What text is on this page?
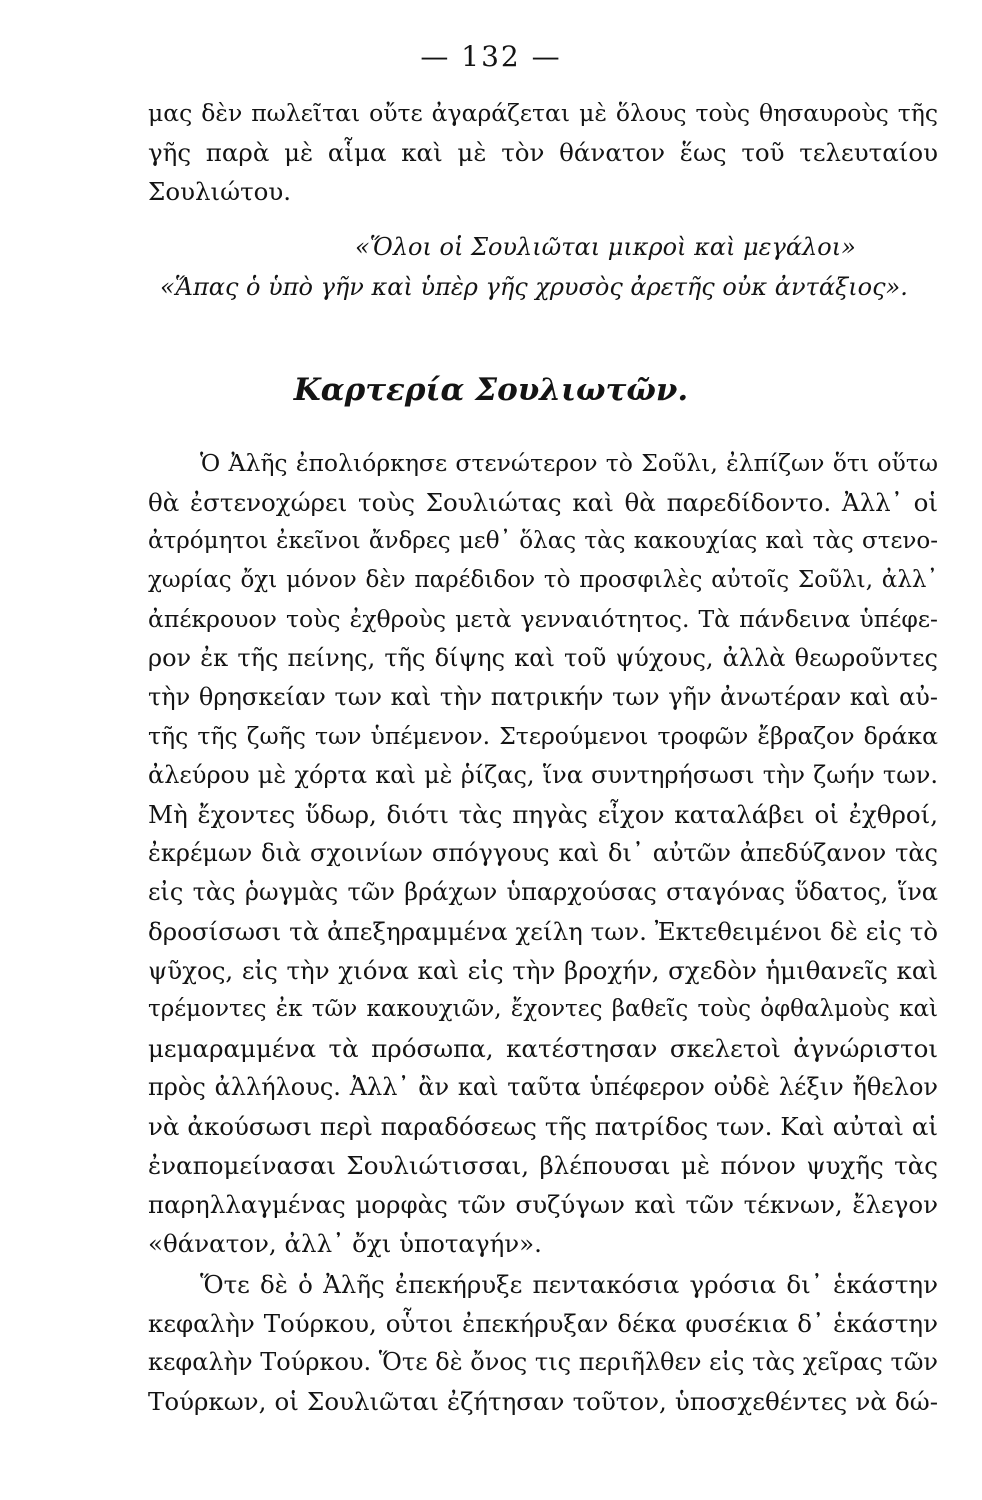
— 132 —
μας δὲν πωλεῖται οὔτε ἀγαράζεται μὲ ὅλους τοὺς θησαυροὺς τῆς
γῆς παρὰ μὲ αἷμα καὶ μὲ τὸν θάνατον ἕως τοῦ τελευταίου
Σουλιώτου.
«Ὅλοι οἱ Σουλιῶται μικροὶ καὶ μεγάλοι»
«Ἅπας ὁ ὑπὸ γῆν καὶ ὑπὲρ γῆς χρυσὸς ἀρετῆς οὐκ ἀντάξιος».
Καρτερία Σουλιωτῶν.
Ὁ Ἀλῆς ἐπολιόρκησε στενώτερον τὸ Σοῦλι, ἐλπίζων ὅτι οὕτω
θὰ ἐστενοχώρει τοὺς Σουλιώτας καὶ θὰ παρεδίδοντο. Ἀλλ᾿ οἱ
ἀτρόμητοι ἐκεῖνοι ἄνδρες μεθ᾿ ὅλας τὰς κακουχίας καὶ τὰς στενο-
χωρίας ὄχι μόνον δὲν παρέδιδον τὸ προσφιλὲς αὐτοῖς Σοῦλι, ἀλλ᾿
ἀπέκρουον τοὺς ἐχθροὺς μετὰ γενναιότητος. Τὰ πάνδεινα ὑπέφε-
ρον ἐκ τῆς πείνης, τῆς δίψης καὶ τοῦ ψύχους, ἀλλὰ θεωροῦντες
τὴν θρησκείαν των καὶ τὴν πατρικήν των γῆν ἀνωτέραν καὶ αὐ-
τῆς τῆς ζωῆς των ὑπέμενον. Στερούμενοι τροφῶν ἔβραζον δράκα
ἀλεύρου μὲ χόρτα καὶ μὲ ῥίζας, ἵνα συντηρήσωσι τὴν ζωήν των.
Μὴ ἔχοντες ὕδωρ, διότι τὰς πηγὰς εἶχον καταλάβει οἱ ἐχθροί,
ἐκρέμων διὰ σχοινίων σπόγγους καὶ δι᾿ αὐτῶν ἀπεδύζανον τὰς
εἰς τὰς ῥωγμὰς τῶν βράχων ὑπαρχούσας σταγόνας ὕδατος, ἵνα
δροσίσωσι τὰ ἀπεξηραμμένα χείλη των. Ἐκτεθειμένοι δὲ εἰς τὸ
ψῦχος, εἰς τὴν χιόνα καὶ εἰς τὴν βροχήν, σχεδὸν ἡμιθανεῖς καὶ
τρέμοντες ἐκ τῶν κακουχιῶν, ἔχοντες βαθεῖς τοὺς ὀφθαλμοὺς καὶ
μεμαραμμένα τὰ πρόσωπα, κατέστησαν σκελετοὶ ἀγνώριστοι
πρὸς ἀλλήλους. Ἀλλ᾿ ἂν καὶ ταῦτα ὑπέφερον οὐδὲ λέξιν ἤθελον
νὰ ἀκούσωσι περὶ παραδόσεως τῆς πατρίδος των. Καὶ αὐταὶ αἱ
ἐναπομείνασαι Σουλιώτισσαι, βλέπουσαι μὲ πόνον ψυχῆς τὰς
παρηλλαγμένας μορφὰς τῶν συζύγων καὶ τῶν τέκνων, ἔλεγον
«θάνατον, ἀλλ᾿ ὄχι ὑποταγήν».
Ὅτε δὲ ὁ Ἀλῆς ἐπεκήρυξε πεντακόσια γρόσια δι᾿ ἑκάστην
κεφαλὴν Τούρκου, οὗτοι ἐπεκήρυξαν δέκα φυσέκια δ᾿ ἑκάστην
κεφαλὴν Τούρκου. Ὅτε δὲ ὄνος τις περιῆλθεν εἰς τὰς χεῖρας τῶν
Τούρκων, οἱ Σουλιῶται ἐζήτησαν τοῦτον, ὑποσχεθέντες νὰ δώ-
